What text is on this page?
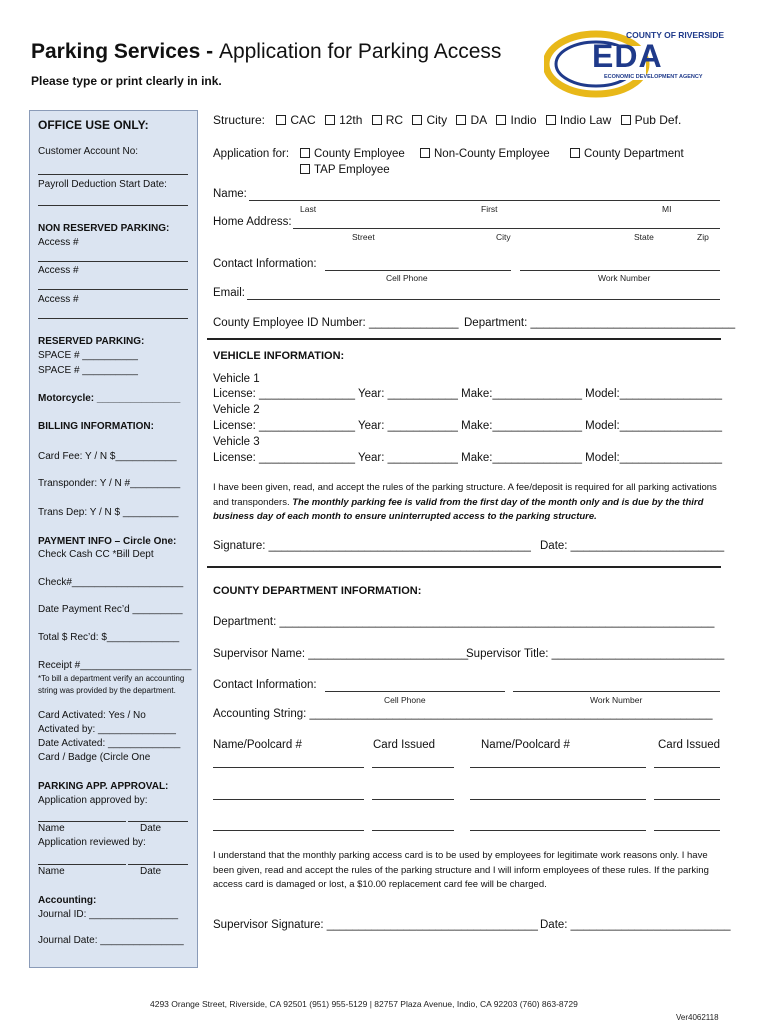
Parking Services - Application for Parking Access
Please type or print clearly in ink.
COUNTY OF RIVERSIDE
EDA
ECONOMIC DEVELOPMENT AGENCY
OFFICE USE ONLY:
Customer Account No:
Payroll Deduction Start Date:
NON RESERVED PARKING:
Access #
Access #
Access #
RESERVED PARKING:
SPACE # __________
SPACE # __________
Motorcycle: _______________
BILLING INFORMATION:
Card Fee: Y / N $___________
Transponder: Y / N #_________
Trans Dep: Y / N $ __________
PAYMENT INFO – Circle One:
Check Cash CC *Bill Dept
Check#____________________
Date Payment Rec’d _________
Total $ Rec’d: $_____________
Receipt #____________________
*To bill a department verify an accounting string was provided by the department.
Card Activated: Yes / No
Activated by: ______________
Date Activated: _____________
Card / Badge (Circle One
PARKING APP. APPROVAL:
Application approved by:
Name	Date
Application reviewed by:
Name	Date
Accounting:
Journal ID: ________________
Journal Date: _______________
Structure: CAC 12th RC City DA Indio Indio Law Pub Def.
Application for:	County Employee	Non-County Employee	County Department
TAP Employee
Name:
Last	First	MI
Home Address:
Street	City	State	Zip
Contact Information:
Cell Phone	Work Number
Email:
County Employee ID Number: ______________ Department: ________________________________
VEHICLE INFORMATION:
Vehicle 1
License: _______________ Year: ___________ Make:______________ Model:________________
Vehicle 2
License: _______________ Year: ___________ Make:______________ Model:________________
Vehicle 3
License: _______________ Year: ___________ Make:______________ Model:________________
I have been given, read, and accept the rules of the parking structure. A fee/deposit is required for all parking activations and transponders. The monthly parking fee is valid from the first day of the month only and is due by the third business day of each month to ensure uninterrupted access to the parking structure.
Signature: _________________________________________ Date: ________________________
COUNTY DEPARTMENT INFORMATION:
Department: ____________________________________________________________________
Supervisor Name: _________________________
Supervisor Title: ___________________________
Contact Information:
Cell Phone	Work Number
Accounting String: _______________________________________________________________
Name/Poolcard #	Card Issued	Name/Poolcard #	Card Issued
I understand that the monthly parking access card is to be used by employees for legitimate work reasons only. I have been given, read and accept the rules of the parking structure and I will inform employees of these rules. If the parking access card is damaged or lost, a $10.00 replacement card fee will be charged.
Supervisor Signature: _________________________________ Date: _________________________
4293 Orange Street, Riverside, CA 92501 (951) 955-5129 | 82757 Plaza Avenue, Indio, CA 92203 (760) 863-8729
Ver4062118
